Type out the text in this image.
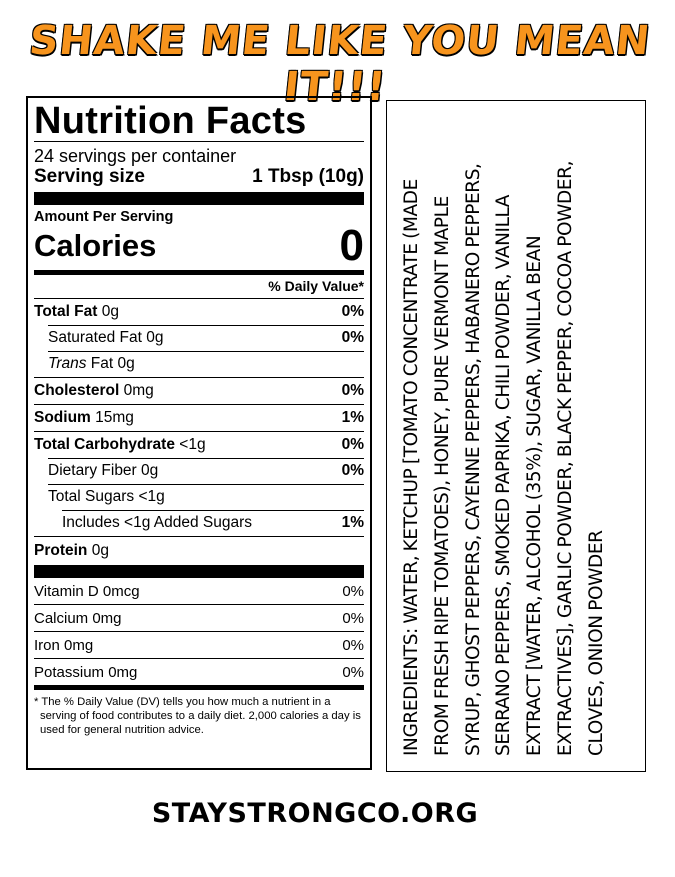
SHAKE ME LIKE YOU MEAN IT!!!
Nutrition Facts
24 servings per container
Serving size	1 Tbsp (10g)
Amount Per Serving
Calories	0
% Daily Value*
Total Fat 0g	0%
Saturated Fat 0g	0%
Trans Fat 0g
Cholesterol 0mg	0%
Sodium 15mg	1%
Total Carbohydrate <1g	0%
Dietary Fiber 0g	0%
Total Sugars <1g
Includes <1g Added Sugars	1%
Protein 0g
Vitamin D 0mcg	0%
Calcium 0mg	0%
Iron 0mg	0%
Potassium 0mg	0%
* The % Daily Value (DV) tells you how much a nutrient in a serving of food contributes to a daily diet. 2,000 calories a day is used for general nutrition advice.	INGREDIENTS: WATER, KETCHUP [TOMATO CONCENTRATE (MADE FROM FRESH RIPE TOMATOES), HONEY, PURE VERMONT MAPLE SYRUP, GHOST PEPPERS, CAYENNE PEPPERS, HABANERO PEPPERS, SERRANO PEPPERS, SMOKED PAPRIKA, CHILI POWDER, VANILLA EXTRACT [WATER, ALCOHOL (35%), SUGAR, VANILLA BEAN EXTRACTIVES], GARLIC POWDER, BLACK PEPPER, COCOA POWDER, CLOVES, ONION POWDER

STAYSTRONGCO.ORG
